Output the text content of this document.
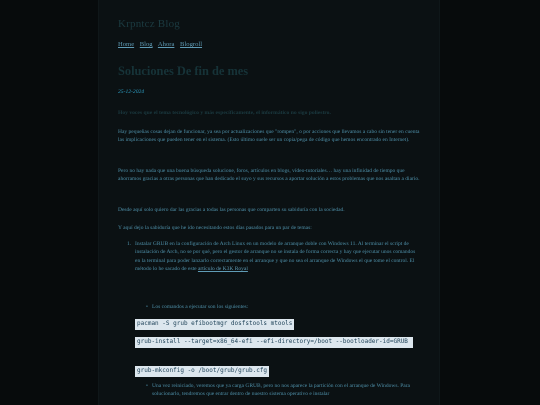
Krpntcz Blog
Home Blog Ahora Blogroll
Soluciones De fin de mes
25-12-2024
Hoy voces que el tema tecnológico y más específicamente, el informático no sigo poliestro.
Hay pequeñas cosas dejan de funcionar, ya sea por actualizaciones que "rompen", o por acciones que llevamos a cabo sin tener en cuenta las implicaciones que pueden tener en el sistema. (Esto último suele ser un copia/pega de código que hemos encontrado en Internet).
Pero no hay nada que una buena búsqueda solucione, foros, artículos en blogs, vídeo-tutoriales… hay una infinidad de tiempo que ahorramos gracias a otras personas que han dedicado el suyo y sus recursos a aportar solución a estos problemas que nos asaltan a diario.
Desde aquí solo quiero dar las gracias a todas las personas que comparten su sabiduría con la sociedad.
Y aquí dejo la sabiduría que he ido necesitando estos días pasados para un par de temas:
1. Instalar GRUB en la configuración de Arch Linux en un modelo de arranque doble con Windows 11. Al terminar el script de instalación de Arch, no se por qué, pero el gestor de arranque no se instala de forma correcta y hay que ejecutar unos comandos en la terminal para poder lanzarlo correctamente en el arranque y que no sea el arranque de Windows el que tome el control. El método lo he sacado de este artículo de K3K Royal
• Los comandos a ejecutar son los siguientes:
pacman -S grub efibootmgr dosfstools mtools
grub-install --target=x86_64-efi --efi-directory=/boot --bootloader-id=GRUB
grub-mkconfig -o /boot/grub/grub.cfg
• Una vez reiniciado, veremos que ya carga GRUB, pero no nos aparece la partición con el arranque de Windows. Para solucionarlo, tendremos que entrar dentro de nuestro sistema operativo e instalar
